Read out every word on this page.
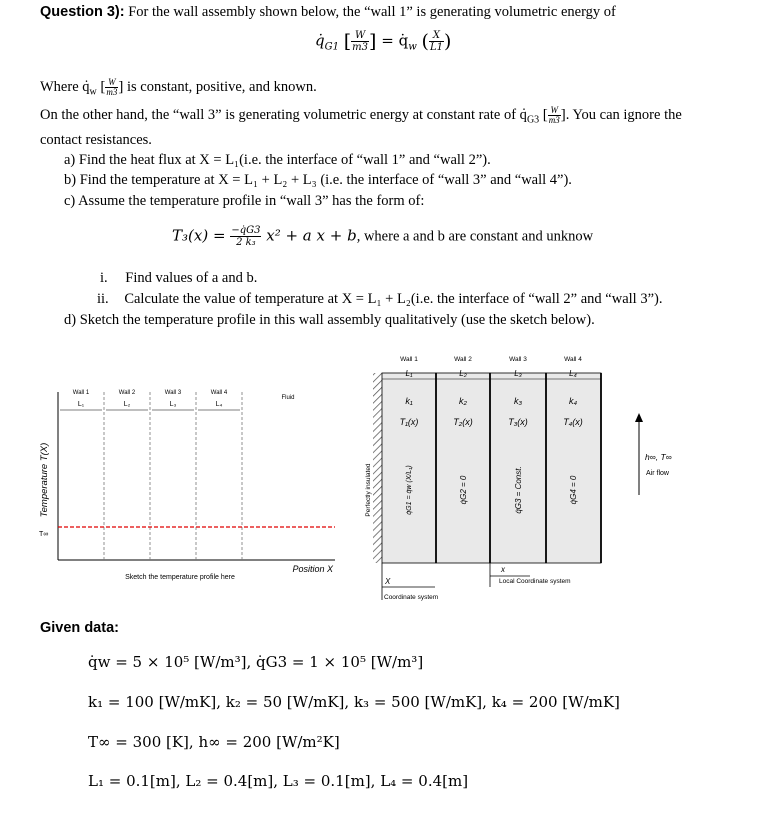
Question 3): For the wall assembly shown below, the “wall 1” is generating volumetric energy of
$q̇_{G1}$ [ $\frac{W}{m3}$ ] = $q̇_w$ ( $\frac{X}{L1}$ )
Where $q̇_w$ [ $\frac{W}{m3}$ ] is constant, positive, and known.
On the other hand, the “wall 3” is generating volumetric energy at constant rate of $q̇_{G3}$ [ $\frac{W}{m3}$ ]. You can ignore the
contact resistances.
a) Find the heat flux at X = L₁(i.e. the interface of “wall 1” and “wall 2”).
b) Find the temperature at X = L₁ + L₂ + L₃ (i.e. the interface of “wall 3” and “wall 4”).
c) Assume the temperature profile in “wall 3” has the form of:
$T_3(x) = \frac{-q̇G3}{\text{2 k₃}} x^2 + a$ x + b, where a and b are constant and unknow
i. Find values of a and b.
ii. Calculate the value of temperature at X = L₁ + L₂(i.e. the interface of “wall 2” and “wall 3”).
d) Sketch the temperature profile in this wall assembly qualitatively (use the sketch below).
Temperature T(X)
T∞
Wall 1	Wall 2	Wall 3	Wall 4
L₁	L₂	L₃	L₄
Fluid
Position X
Sketch the temperature profile here
Perfectly insulated
Wall 1	Wall 2	Wall 3	Wall 4
L₁	L₂	L₃	L₄
k₁	k₂	k₃	k₄
T₁(x)	T₂(x)	T₃(x)	T₄(x)
q̇G1 = q̇w (X/L₁)	q̇G2 = 0	q̇G3 = Const.	q̇G4 = 0
h∞, T∞
Air flow
X
Coordinate system
x
Local Coordinate system
Given data:
q̇w = 5 × 10⁵ [W/m³], q̇G3 = 1 × 10⁵ [W/m³]
k₁ = 100 [W/mK], k₂ = 50 [W/mK], k₃ = 500 [W/mK], k₄ = 200 [W/mK]
T∞ = 300 [K], h∞ = 200 [W/m²K]
L₁ = 0.1[m], L₂ = 0.4[m], L₃ = 0.1[m], L₄ = 0.4[m]
